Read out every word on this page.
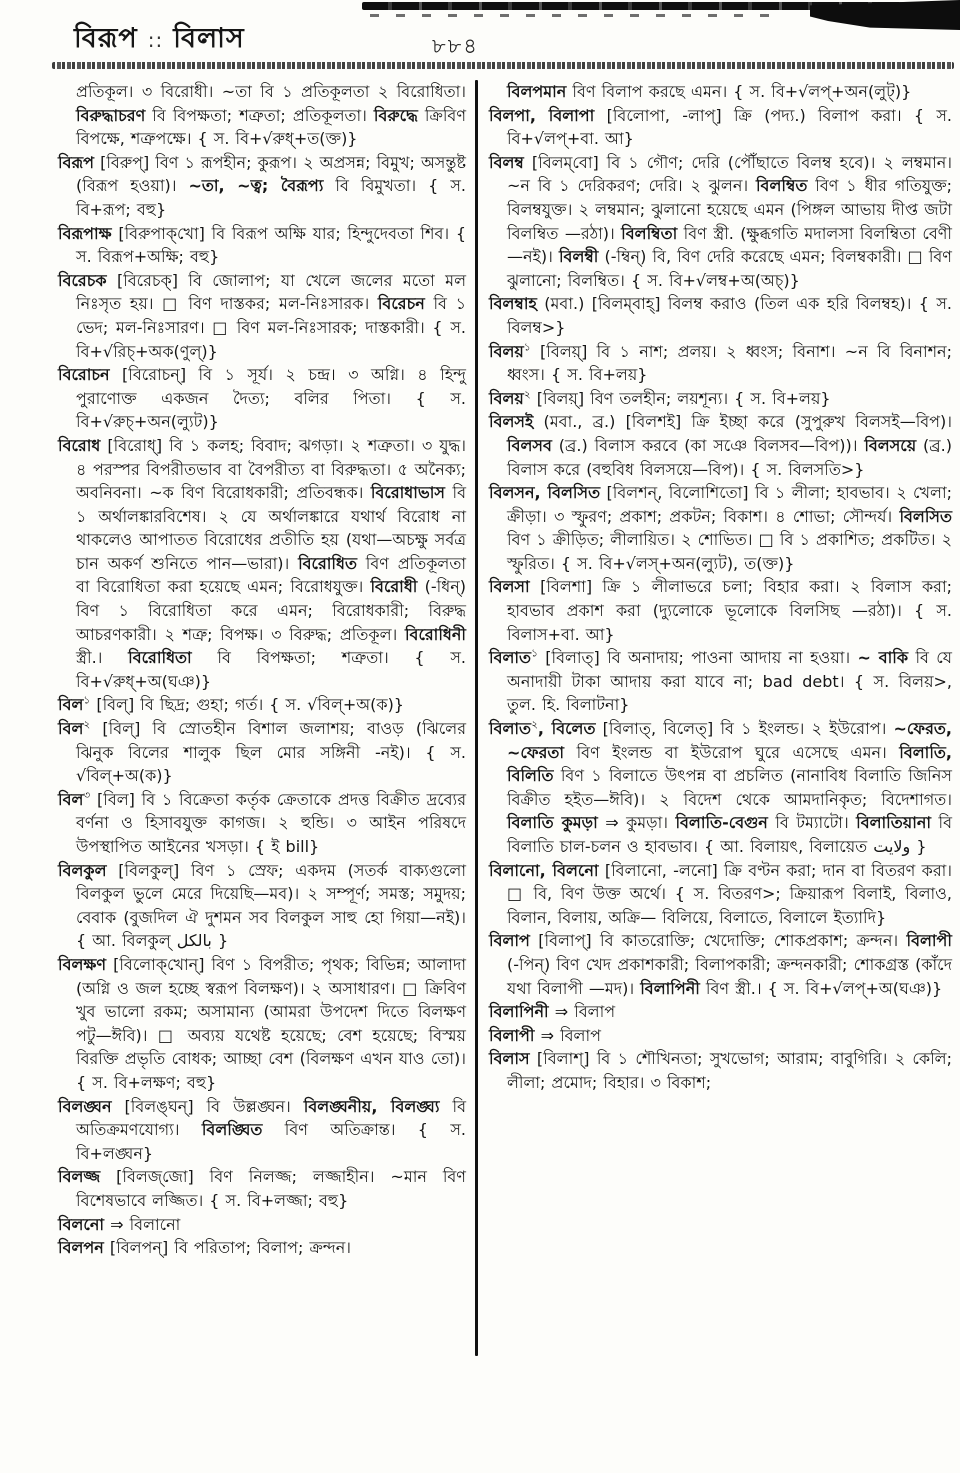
বিরূপ :: বিলাস	৮৮৪

প্রতিকূল। ৩ বিরোধী। ~তা বি ১ প্রতিকূলতা ২ বিরোধিতা। বিরুদ্ধাচরণ বি বিপক্ষতা; শত্রুতা; প্রতিকূলতা। বিরুদ্ধে ক্রিবিণ বিপক্ষে, শত্রুপক্ষে। { স. বি+√রুধ্+ত(ক্ত)}

বিরূপ [বিরুপ্] বিণ ১ রূপহীন; কুরূপ। ২ অপ্রসন্ন; বিমুখ; অসন্তুষ্ট (বিরূপ হওয়া)। ~তা, ~ত্ব; বৈরূপ্য বি বিমুখতা। { স. বি+রূপ; বহু}

বিরূপাক্ষ [বিরুপাক্‌খো] বি বিরূপ অক্ষি যার; হিন্দুদেবতা শিব। { স. বিরূপ+অক্ষি; বহু}

বিরেচক [বিরেচক্] বি জোলাপ; যা খেলে জলের মতো মল নিঃসৃত হয়। □ বিণ দাস্তকর; মল-নিঃসারক। বিরেচন বি ১ ভেদ; মল-নিঃসারণ। □ বিণ মল-নিঃসারক; দাস্তকারী। { স. বি+√রিচ্+অক(ণুল্)}

বিরোচন [বিরোচন্] বি ১ সূর্য। ২ চন্দ্র। ৩ অগ্নি। ৪ হিন্দু পুরাণোক্ত একজন দৈত্য; বলির পিতা। { স. বি+√রুচ্+অন(ল্যুট)}

বিরোধ [বিরোধ্] বি ১ কলহ; বিবাদ; ঝগড়া। ২ শত্রুতা। ৩ যুদ্ধ। ৪ পরস্পর বিপরীতভাব বা বৈপরীত্য বা বিরুদ্ধতা। ৫ অনৈক্য; অবনিবনা। ~ক বিণ বিরোধকারী; প্রতিবন্ধক। বিরোধাভাস বি ১ অর্থালঙ্কারবিশেষ। ২ যে অর্থালঙ্কারে যথার্থ বিরোধ না থাকলেও আপাতত বিরোধের প্রতীতি হয় (যথা—অচক্ষু সর্বত্র চান অকর্ণ শুনিতে পান—ভারা)। বিরোধিত বিণ প্রতিকূলতা বা বিরোধিতা করা হয়েছে এমন; বিরোধযুক্ত। বিরোধী (-ধিন্) বিণ ১ বিরোধিতা করে এমন; বিরোধকারী; বিরুদ্ধ আচরণকারী। ২ শত্রু; বিপক্ষ। ৩ বিরুদ্ধ; প্রতিকূল। বিরোধিনী স্ত্রী.। বিরোধিতা বি বিপক্ষতা; শত্রুতা। { স. বি+√রুধ্+অ(ঘঞ)}

বিল$^১$ [বিল্] বি ছিদ্র; গুহা; গর্ত। { স. √বিল্+অ(ক)}

বিল$^২$ [বিল্] বি স্রোতহীন বিশাল জলাশয়; বাওড় (ঝিলের ঝিনুক বিলের শালুক ছিল মোর সঙ্গিনী -নই)। { স. √বিল্+অ(ক)}

বিল$^৩$ [বিল] বি ১ বিক্রেতা কর্তৃক ক্রেতাকে প্রদত্ত বিক্রীত দ্রব্যের বর্ণনা ও হিসাবযুক্ত কাগজ। ২ হুন্ডি। ৩ আইন পরিষদে উপস্থাপিত আইনের খসড়া। { ই bill}

বিলকুল [বিলকুল্] বিণ ১ স্রেফ; একদম (সতর্ক বাক্যগুলো বিলকুল ভুলে মেরে দিয়েছি—মব)। ২ সম্পূর্ণ; সমস্ত; সমুদয়; বেবাক (বুজদিল ঐ দুশমন সব বিলকুল সাহু হো গিয়া—নই)। { আ. বিলকুল্ بالكل }

বিলক্ষণ [বিলোক্‌খোন্] বিণ ১ বিপরীত; পৃথক; বিভিন্ন; আলাদা (অগ্নি ও জল হচ্ছে স্বরূপ বিলক্ষণ)। ২ অসাধারণ। □ ক্রিবিণ খুব ভালো রকম; অসামান্য (আমরা উপদেশ দিতে বিলক্ষণ পটু—ঈবি)। □ অব্যয় যথেষ্ট হয়েছে; বেশ হয়েছে; বিস্ময় বিরক্তি প্রভৃতি বোধক; আচ্ছা বেশ (বিলক্ষণ এখন যাও তো)। { স. বি+লক্ষণ; বহু}

বিলঙ্ঘন [বিলঙ্‌ঘন্] বি উল্লঙ্ঘন। বিলঙ্ঘনীয়, বিলঙ্ঘ্য বি অতিক্রমণযোগ্য। বিলঙ্ঘিত বিণ অতিক্রান্ত। { স. বি+লঙ্ঘন}

বিলজ্জ [বিলজ্‌জো] বিণ নিলজ্জ; লজ্জাহীন। ~মান বিণ বিশেষভাবে লজ্জিত। { স. বি+লজ্জা; বহু}

বিলনো ⇒ বিলানো

বিলপন [বিলপন্] বি পরিতাপ; বিলাপ; ক্রন্দন।

বিলপমান বিণ বিলাপ করছে এমন। { স. বি+√লপ্+অন(লুট্)}

বিলপা, বিলাপা [বিলোপা, -লাপ্] ক্রি (পদ্য.) বিলাপ করা। { স. বি+√লপ্+বা. আ}

বিলম্ব [বিলম্‌বো] বি ১ গৌণ; দেরি (পৌঁছাতে বিলম্ব হবে)। ২ লম্বমান। ~ন বি ১ দেরিকরণ; দেরি। ২ ঝুলন। বিলম্বিত বিণ ১ ধীর গতিযুক্ত; বিলম্বযুক্ত। ২ লম্বমান; ঝুলানো হয়েছে এমন (পিঙ্গল আভায় দীপ্ত জটা বিলম্বিত —রঠা)। বিলম্বিতা বিণ স্ত্রী. (ক্ষুব্ধগতি মদালসা বিলম্বিতা বেণী—নই)। বিলম্বী (-ম্বিন্) বি, বিণ দেরি করেছে এমন; বিলম্বকারী। □ বিণ ঝুলানো; বিলম্বিত। { স. বি+√লম্ব+অ(অচ্)}

বিলম্বাহ (মবা.) [বিলম্‌বাহ্] বিলম্ব করাও (তিল এক হরি বিলম্বহ)। { স. বিলম্ব>}

বিলয়$^১$ [বিলয়্] বি ১ নাশ; প্রলয়। ২ ধ্বংস; বিনাশ। ~ন বি বিনাশন; ধ্বংস। { স. বি+লয়}

বিলয়$^২$ [বিলয়্] বিণ তলহীন; লয়শূন্য। { স. বি+লয়}

বিলসই (মবা., ব্র.) [বিলশই] ক্রি ইচ্ছা করে (সুপুরুখ বিলসই—বিপ)। বিলসব (ব্র.) বিলাস করবে (কা সঞে বিলসব—বিপ))। বিলসয়ে (ব্র.) বিলাস করে (বহুবিধ বিলসয়ে—বিপ)। { স. বিলসতি>}

বিলসন, বিলসিত [বিলশন্, বিলোশিতো] বি ১ লীলা; হাবভাব। ২ খেলা; ক্রীড়া। ৩ স্ফুরণ; প্রকাশ; প্রকটন; বিকাশ। ৪ শোভা; সৌন্দর্য। বিলসিত বিণ ১ ক্রীড়িত; লীলায়িত। ২ শোভিত। □ বি ১ প্রকাশিত; প্রকটিত। ২ স্ফুরিত। { স. বি+√লস্+অন(ল্যুট), ত(ক্ত)}

বিলসা [বিলশা] ক্রি ১ লীলাভরে চলা; বিহার করা। ২ বিলাস করা; হাবভাব প্রকাশ করা (দ্যুলোকে ভূলোকে বিলসিছ —রঠা)। { স. বিলাস+বা. আ}

বিলাত$^১$ [বিলাত্] বি অনাদায়; পাওনা আদায় না হওয়া। ~ বাকি বি যে অনাদায়ী টাকা আদায় করা যাবে না; bad debt। { স. বিলয়>, তুল. হি. বিলাটনা}

বিলাত$^২$, বিলেত [বিলাত্, বিলেত্] বি ১ ইংলন্ড। ২ ইউরোপ। ~ফেরত, ~ফেরতা বিণ ইংলন্ড বা ইউরোপ ঘুরে এসেছে এমন। বিলাতি, বিলিতি বিণ ১ বিলাতে উৎপন্ন বা প্রচলিত (নানাবিধ বিলাতি জিনিস বিক্রীত হইত—ঈবি)। ২ বিদেশ থেকে আমদানিকৃত; বিদেশাগত। বিলাতি কুমড়া ⇒ কুমড়া। বিলাতি-বেগুন বি টম্যাটো। বিলাতিয়ানা বি বিলাতি চাল-চলন ও হাবভাব। { আ. বিলায়ৎ, বিলায়েত ولايت }

বিলানো, বিলনো [বিলানো, -লনো] ক্রি বণ্টন করা; দান বা বিতরণ করা। □ বি, বিণ উক্ত অর্থে। { স. বিতরণ>; ক্রিয়ারূপ বিলাই, বিলাও, বিলান, বিলায়, অক্রি— বিলিয়ে, বিলাতে, বিলালে ইত্যাদি}

বিলাপ [বিলাপ্] বি কাতরোক্তি; খেদোক্তি; শোকপ্রকাশ; ক্রন্দন। বিলাপী (-পিন্) বিণ খেদ প্রকাশকারী; বিলাপকারী; ক্রন্দনকারী; শোকগ্রস্ত (কাঁদে যথা বিলাপী —মদ)। বিলাপিনী বিণ স্ত্রী.। { স. বি+√লপ্+অ(ঘঞ)}

বিলাপিনী ⇒ বিলাপ

বিলাপী ⇒ বিলাপ

বিলাস [বিলাশ্] বি ১ শৌখিনতা; সুখভোগ; আরাম; বাবুগিরি। ২ কেলি; লীলা; প্রমোদ; বিহার। ৩ বিকাশ;
